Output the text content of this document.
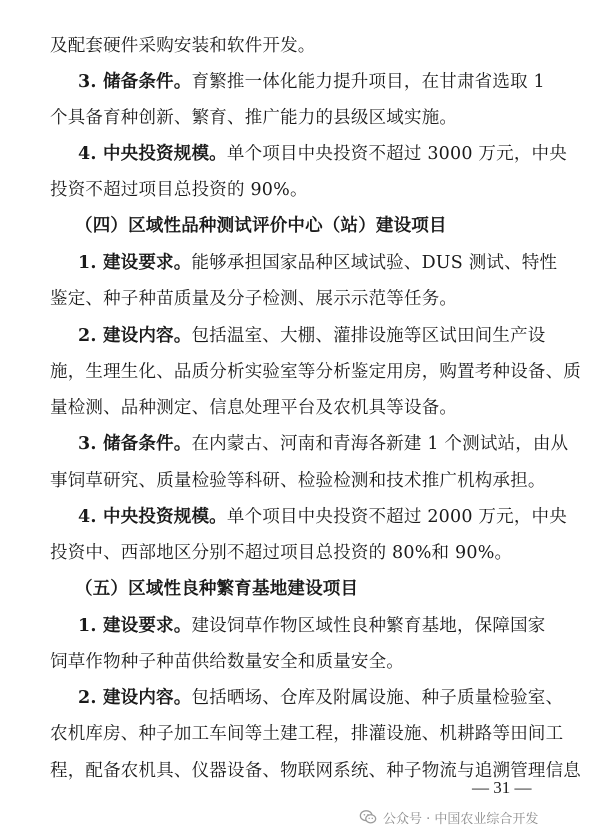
及配套硬件采购安装和软件开发。
3. 储备条件。育繁推一体化能力提升项目，在甘肃省选取 1
个具备育种创新、繁育、推广能力的县级区域实施。
4. 中央投资规模。单个项目中央投资不超过 3000 万元，中央
投资不超过项目总投资的 90%。
（四）区域性品种测试评价中心（站）建设项目
1. 建设要求。能够承担国家品种区域试验、DUS 测试、特性
鉴定、种子种苗质量及分子检测、展示示范等任务。
2. 建设内容。包括温室、大棚、灌排设施等区试田间生产设
施，生理生化、品质分析实验室等分析鉴定用房，购置考种设备、质
量检测、品种测定、信息处理平台及农机具等设备。
3. 储备条件。在内蒙古、河南和青海各新建 1 个测试站，由从
事饲草研究、质量检验等科研、检验检测和技术推广机构承担。
4. 中央投资规模。单个项目中央投资不超过 2000 万元，中央
投资中、西部地区分别不超过项目总投资的 80%和 90%。
（五）区域性良种繁育基地建设项目
1. 建设要求。建设饲草作物区域性良种繁育基地，保障国家
饲草作物种子种苗供给数量安全和质量安全。
2. 建设内容。包括晒场、仓库及附属设施、种子质量检验室、
农机库房、种子加工车间等土建工程，排灌设施、机耕路等田间工
程，配备农机具、仪器设备、物联网系统、种子物流与追溯管理信息
— 31 —
公众号 · 中国农业综合开发
